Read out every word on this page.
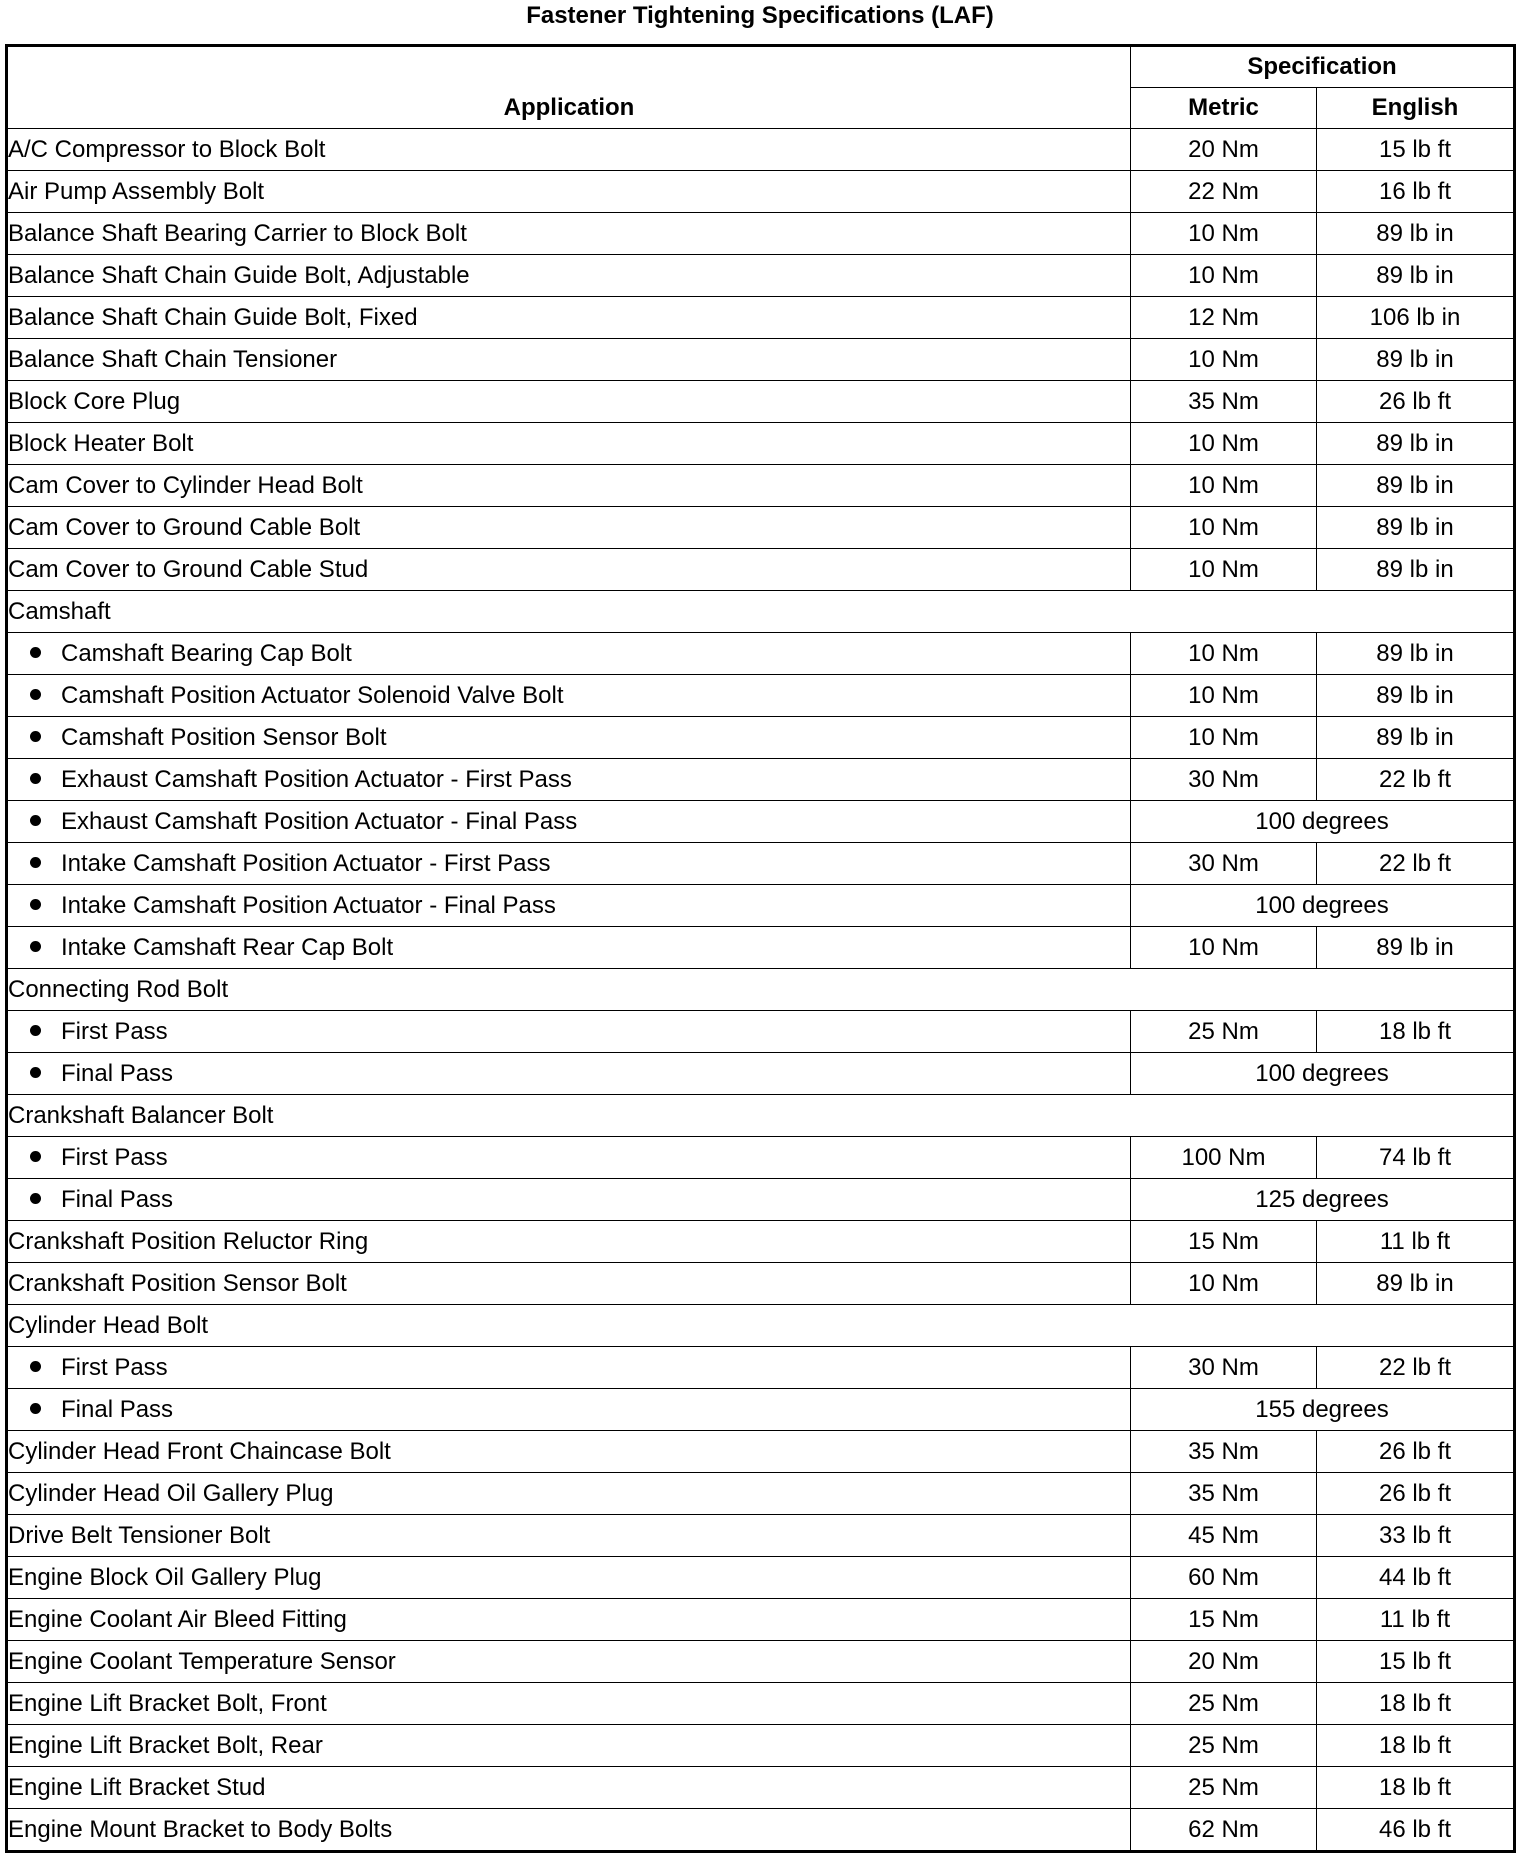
Fastener Tightening Specifications (LAF)
Application	Specification	
	Metric	English
A/C Compressor to Block Bolt	20 Nm	15 lb ft
Air Pump Assembly Bolt	22 Nm	16 lb ft
Balance Shaft Bearing Carrier to Block Bolt	10 Nm	89 lb in
Balance Shaft Chain Guide Bolt, Adjustable	10 Nm	89 lb in
Balance Shaft Chain Guide Bolt, Fixed	12 Nm	106 lb in
Balance Shaft Chain Tensioner	10 Nm	89 lb in
Block Core Plug	35 Nm	26 lb ft
Block Heater Bolt	10 Nm	89 lb in
Cam Cover to Cylinder Head Bolt	10 Nm	89 lb in
Cam Cover to Ground Cable Bolt	10 Nm	89 lb in
Cam Cover to Ground Cable Stud	10 Nm	89 lb in
Camshaft		
Camshaft Bearing Cap Bolt	10 Nm	89 lb in
Camshaft Position Actuator Solenoid Valve Bolt	10 Nm	89 lb in
Camshaft Position Sensor Bolt	10 Nm	89 lb in
Exhaust Camshaft Position Actuator - First Pass	30 Nm	22 lb ft
Exhaust Camshaft Position Actuator - Final Pass	100 degrees	
Intake Camshaft Position Actuator - First Pass	30 Nm	22 lb ft
Intake Camshaft Position Actuator - Final Pass	100 degrees	
Intake Camshaft Rear Cap Bolt	10 Nm	89 lb in
Connecting Rod Bolt		
First Pass	25 Nm	18 lb ft
Final Pass	100 degrees	
Crankshaft Balancer Bolt		
First Pass	100 Nm	74 lb ft
Final Pass	125 degrees	
Crankshaft Position Reluctor Ring	15 Nm	11 lb ft
Crankshaft Position Sensor Bolt	10 Nm	89 lb in
Cylinder Head Bolt		
First Pass	30 Nm	22 lb ft
Final Pass	155 degrees	
Cylinder Head Front Chaincase Bolt	35 Nm	26 lb ft
Cylinder Head Oil Gallery Plug	35 Nm	26 lb ft
Drive Belt Tensioner Bolt	45 Nm	33 lb ft
Engine Block Oil Gallery Plug	60 Nm	44 lb ft
Engine Coolant Air Bleed Fitting	15 Nm	11 lb ft
Engine Coolant Temperature Sensor	20 Nm	15 lb ft
Engine Lift Bracket Bolt, Front	25 Nm	18 lb ft
Engine Lift Bracket Bolt, Rear	25 Nm	18 lb ft
Engine Lift Bracket Stud	25 Nm	18 lb ft
Engine Mount Bracket to Body Bolts	62 Nm	46 lb ft
